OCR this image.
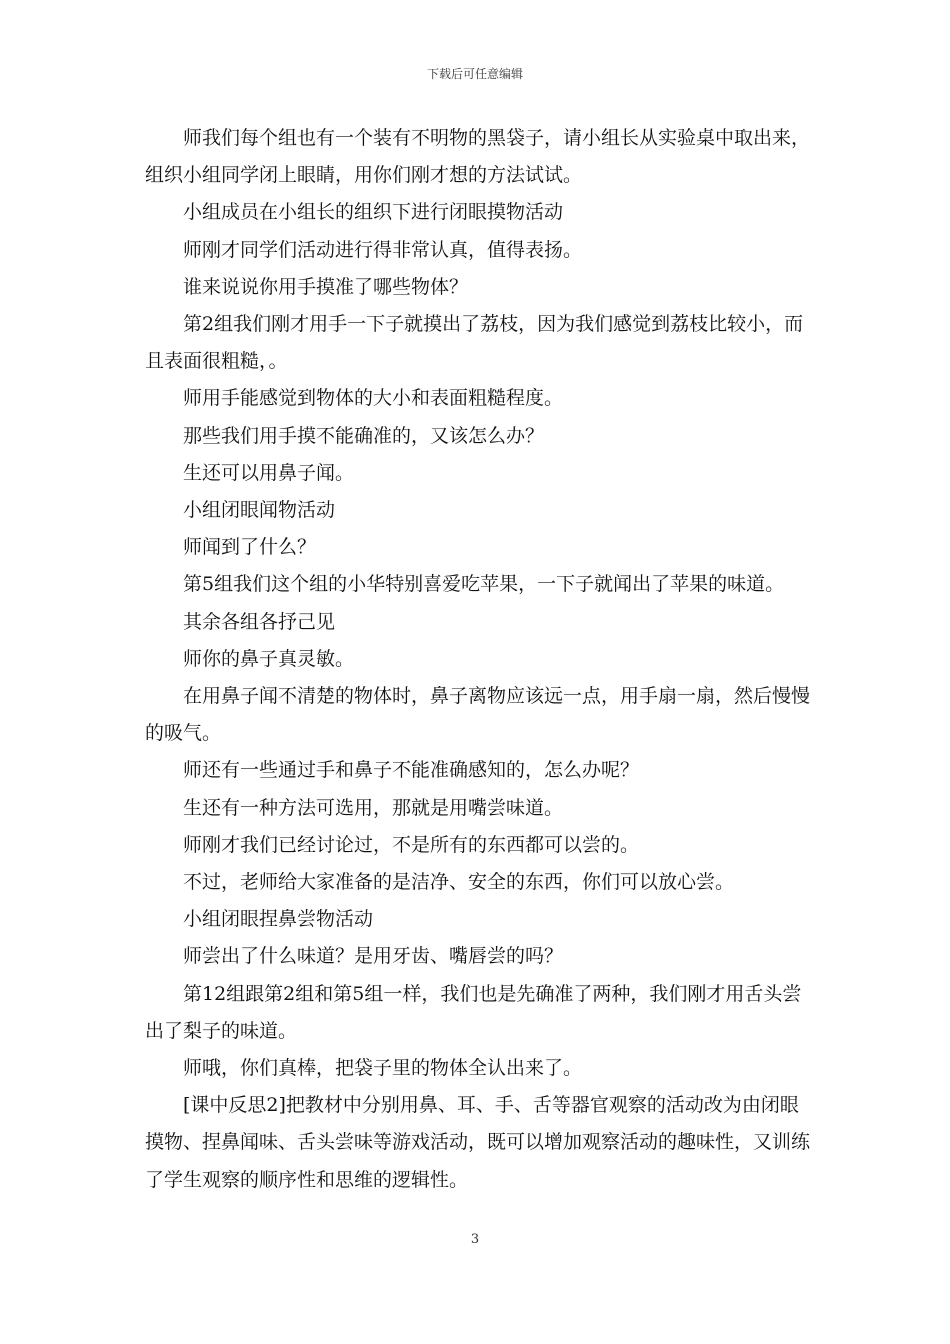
下载后可任意编辑

师我们每个组也有一个装有不明物的黑袋子，请小组长从实验桌中取出来，组织小组同学闭上眼睛，用你们刚才想的方法试试。

小组成员在小组长的组织下进行闭眼摸物活动

师刚才同学们活动进行得非常认真，值得表扬。

谁来说说你用手摸准了哪些物体？

第2组我们刚才用手一下子就摸出了荔枝，因为我们感觉到荔枝比较小，而且表面很粗糙，。

师用手能感觉到物体的大小和表面粗糙程度。

那些我们用手摸不能确准的，又该怎么办？

生还可以用鼻子闻。

小组闭眼闻物活动

师闻到了什么？

第5组我们这个组的小华特别喜爱吃苹果，一下子就闻出了苹果的味道。

其余各组各抒己见

师你的鼻子真灵敏。

在用鼻子闻不清楚的物体时，鼻子离物应该远一点，用手扇一扇，然后慢慢的吸气。

师还有一些通过手和鼻子不能准确感知的，怎么办呢？

生还有一种方法可选用，那就是用嘴尝味道。

师刚才我们已经讨论过，不是所有的东西都可以尝的。

不过，老师给大家准备的是洁净、安全的东西，你们可以放心尝。

小组闭眼捏鼻尝物活动

师尝出了什么味道？是用牙齿、嘴唇尝的吗？

第12组跟第2组和第5组一样，我们也是先确准了两种，我们刚才用舌头尝出了梨子的味道。

师哦，你们真棒，把袋子里的物体全认出来了。

[课中反思2]把教材中分别用鼻、耳、手、舌等器官观察的活动改为由闭眼摸物、捏鼻闻味、舌头尝味等游戏活动，既可以增加观察活动的趣味性，又训练了学生观察的顺序性和思维的逻辑性。

3
